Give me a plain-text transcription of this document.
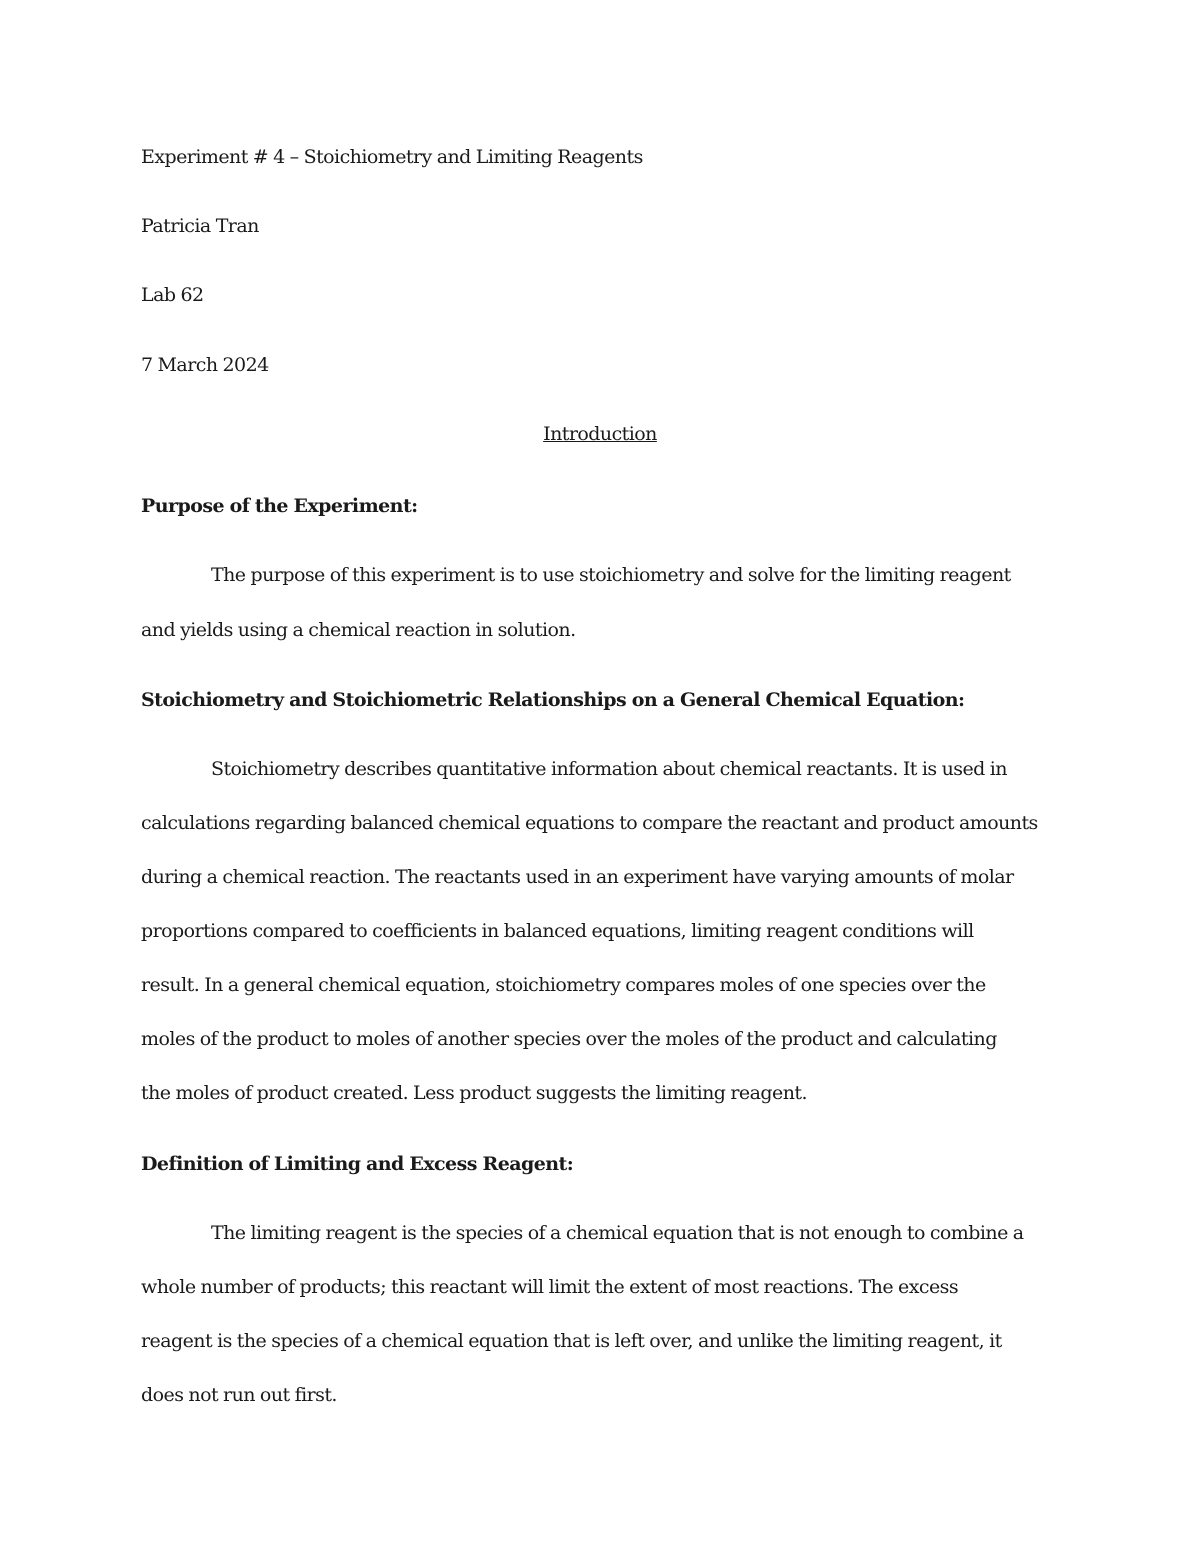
Experiment # 4 – Stoichiometry and Limiting Reagents
Patricia Tran
Lab 62
7 March 2024
Introduction
Purpose of the Experiment:
The purpose of this experiment is to use stoichiometry and solve for the limiting reagent
and yields using a chemical reaction in solution.
Stoichiometry and Stoichiometric Relationships on a General Chemical Equation:
Stoichiometry describes quantitative information about chemical reactants. It is used in
calculations regarding balanced chemical equations to compare the reactant and product amounts
during a chemical reaction. The reactants used in an experiment have varying amounts of molar
proportions compared to coefficients in balanced equations, limiting reagent conditions will
result. In a general chemical equation, stoichiometry compares moles of one species over the
moles of the product to moles of another species over the moles of the product and calculating
the moles of product created. Less product suggests the limiting reagent.
Definition of Limiting and Excess Reagent:
The limiting reagent is the species of a chemical equation that is not enough to combine a
whole number of products; this reactant will limit the extent of most reactions. The excess
reagent is the species of a chemical equation that is left over, and unlike the limiting reagent, it
does not run out first.
